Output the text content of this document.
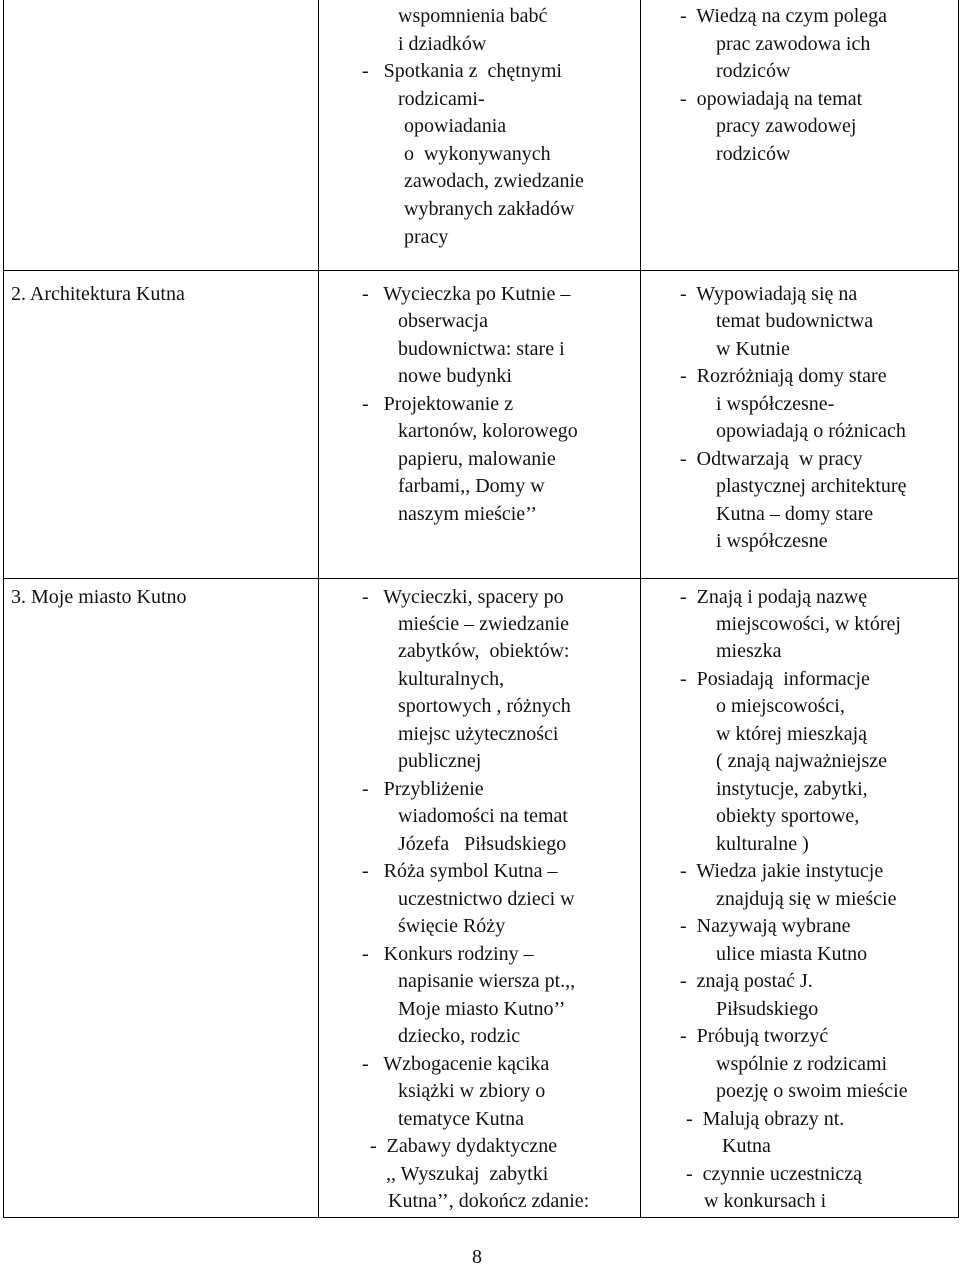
wspomnienia babć
i dziadków
-   Spotkania z  chętnymi
rodzicami-
opowiadania
o  wykonywanych
zawodach, zwiedzanie
wybranych zakładów
pracy
-  Wiedzą na czym polega
prac zawodowa ich
rodziców
-  opowiadają na temat
pracy zawodowej
rodziców
2. Architektura Kutna	-   Wycieczka po Kutnie –
obserwacja
budownictwa: stare i
nowe budynki
-   Projektowanie z
kartonów, kolorowego
papieru, malowanie
farbami,, Domy w
naszym mieście’’
-  Wypowiadają się na
temat budownictwa
w Kutnie
-  Rozróżniają domy stare
i współczesne-
opowiadają o różnicach
-  Odtwarzają  w pracy
plastycznej architekturę
Kutna – domy stare
i współczesne
3. Moje miasto Kutno	-   Wycieczki, spacery po
mieście – zwiedzanie
zabytków,  obiektów:
kulturalnych,
sportowych , różnych
miejsc użyteczności
publicznej
-   Przybliżenie
wiadomości na temat
Józefa   Piłsudskiego
-   Róża symbol Kutna –
uczestnictwo dzieci w
święcie Róży
-   Konkurs rodziny –
napisanie wiersza pt.,,
Moje miasto Kutno’’
dziecko, rodzic
-   Wzbogacenie kącika
książki w zbiory o
tematyce Kutna
-  Zabawy dydaktyczne
,, Wyszukaj  zabytki
Kutna’’, dokończ zdanie:
-  Znają i podają nazwę
miejscowości, w której
mieszka
-  Posiadają  informacje
o miejscowości,
w której mieszkają
( znają najważniejsze
instytucje, zabytki,
obiekty sportowe,
kulturalne )
-  Wiedza jakie instytucje
znajdują się w mieście
-  Nazywają wybrane
ulice miasta Kutno
-  znają postać J.
Piłsudskiego
-  Próbują tworzyć
wspólnie z rodzicami
poezję o swoim mieście
-  Malują obrazy nt.
Kutna
-  czynnie uczestniczą
w konkursach i
8
